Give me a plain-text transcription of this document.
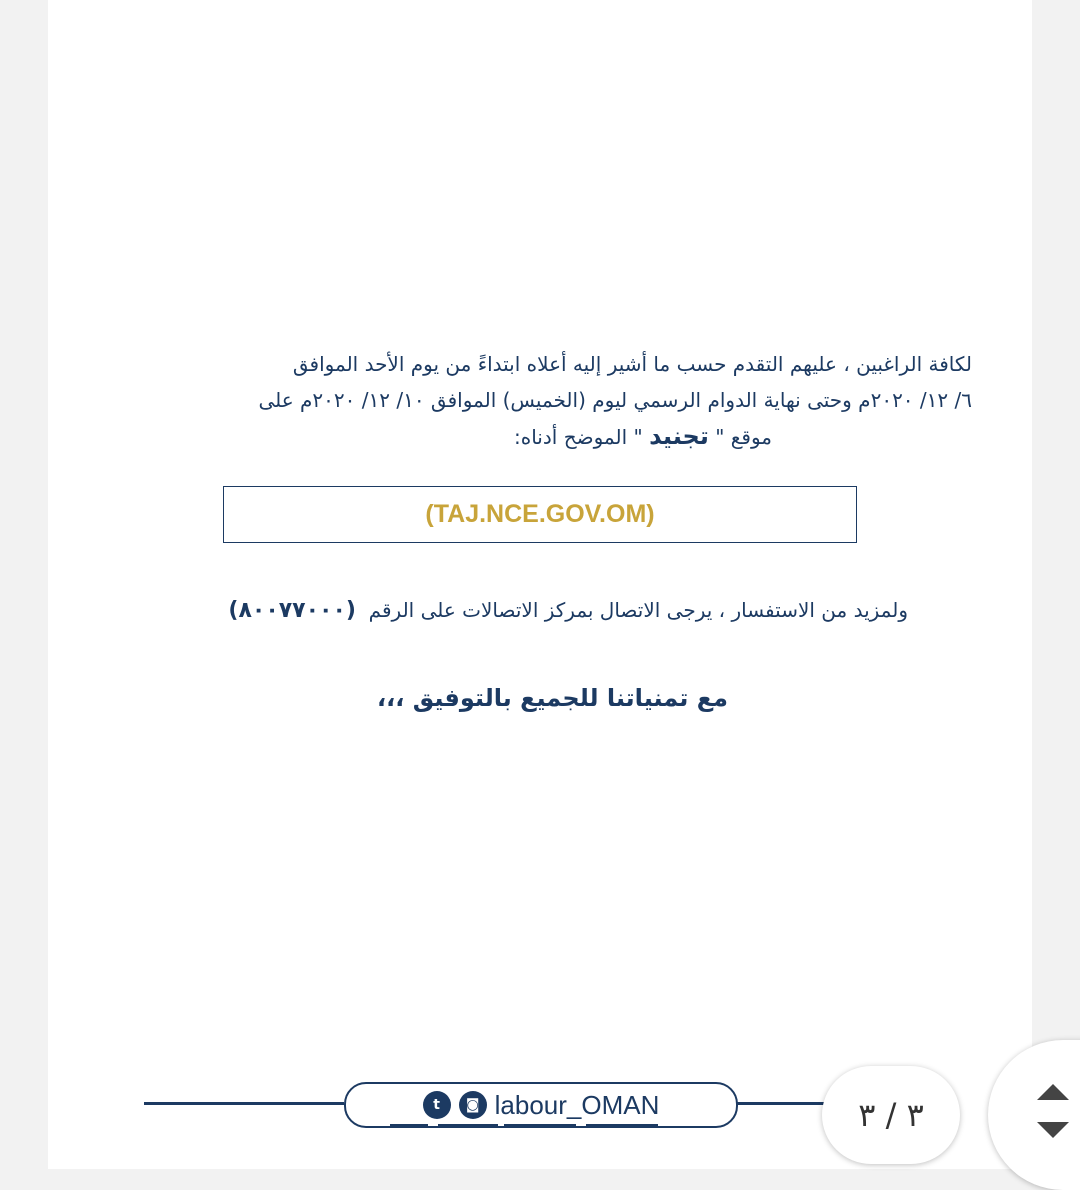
لكافة الراغبين ، عليهم التقدم حسب ما أشير إليه أعلاه ابتداءً من يوم الأحد الموافق
٦/ ١٢/ ٢٠٢٠م وحتى نهاية الدوام الرسمي ليوم (الخميس) الموافق ١٠/ ١٢/ ٢٠٢٠م على
موقع " تجنيد " الموضح أدناه:
(TAJ.NCE.GOV.OM)
ولمزيد من الاستفسار ، يرجى الاتصال بمركز الاتصالات على الرقم  (٨٠٠٧٧٠٠٠)
مع تمنياتنا للجميع بالتوفيق ،،،
t	◙ labour_OMAN	٣ / ٣
